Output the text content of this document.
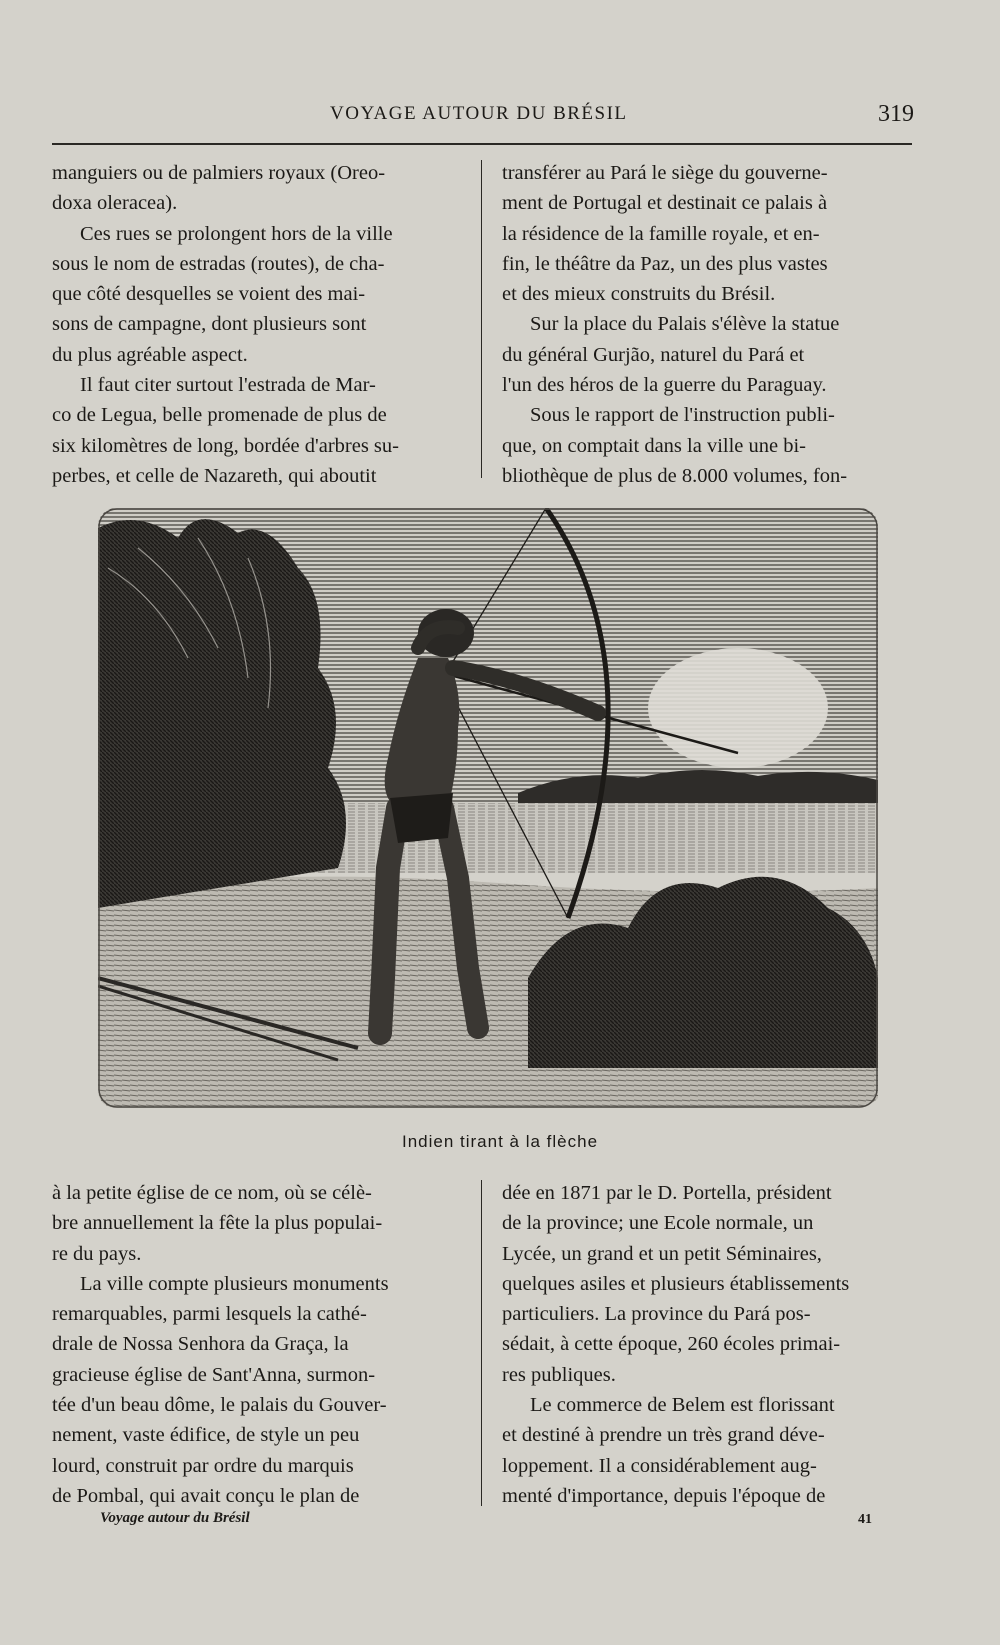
VOYAGE AUTOUR DU BRÉSIL	319

manguiers ou de palmiers royaux (Oreo-

doxa oleracea).

Ces rues se prolongent hors de la ville

sous le nom de estradas (routes), de cha-

que côté desquelles se voient des mai-

sons de campagne, dont plusieurs sont

du plus agréable aspect.

Il faut citer surtout l'estrada de Mar-

co de Legua, belle promenade de plus de

six kilomètres de long, bordée d'arbres su-

perbes, et celle de Nazareth, qui aboutit

transférer au Pará le siège du gouverne-

ment de Portugal et destinait ce palais à

la résidence de la famille royale, et en-

fin, le théâtre da Paz, un des plus vastes

et des mieux construits du Brésil.

Sur la place du Palais s'élève la statue

du général Gurjão, naturel du Pará et

l'un des héros de la guerre du Paraguay.

Sous le rapport de l'instruction publi-

que, on comptait dans la ville une bi-

bliothèque de plus de 8.000 volumes, fon-

Indien tirant à la flèche

à la petite église de ce nom, où se célè-

bre annuellement la fête la plus populai-

re du pays.

La ville compte plusieurs monuments

remarquables, parmi lesquels la cathé-

drale de Nossa Senhora da Graça, la

gracieuse église de Sant'Anna, surmon-

tée d'un beau dôme, le palais du Gouver-

nement, vaste édifice, de style un peu

lourd, construit par ordre du marquis

de Pombal, qui avait conçu le plan de

dée en 1871 par le D. Portella, président

de la province; une Ecole normale, un

Lycée, un grand et un petit Séminaires,

quelques asiles et plusieurs établissements

particuliers. La province du Pará pos-

sédait, à cette époque, 260 écoles primai-

res publiques.

Le commerce de Belem est florissant

et destiné à prendre un très grand déve-

loppement. Il a considérablement aug-

menté d'importance, depuis l'époque de

Voyage autour du Brésil	41
